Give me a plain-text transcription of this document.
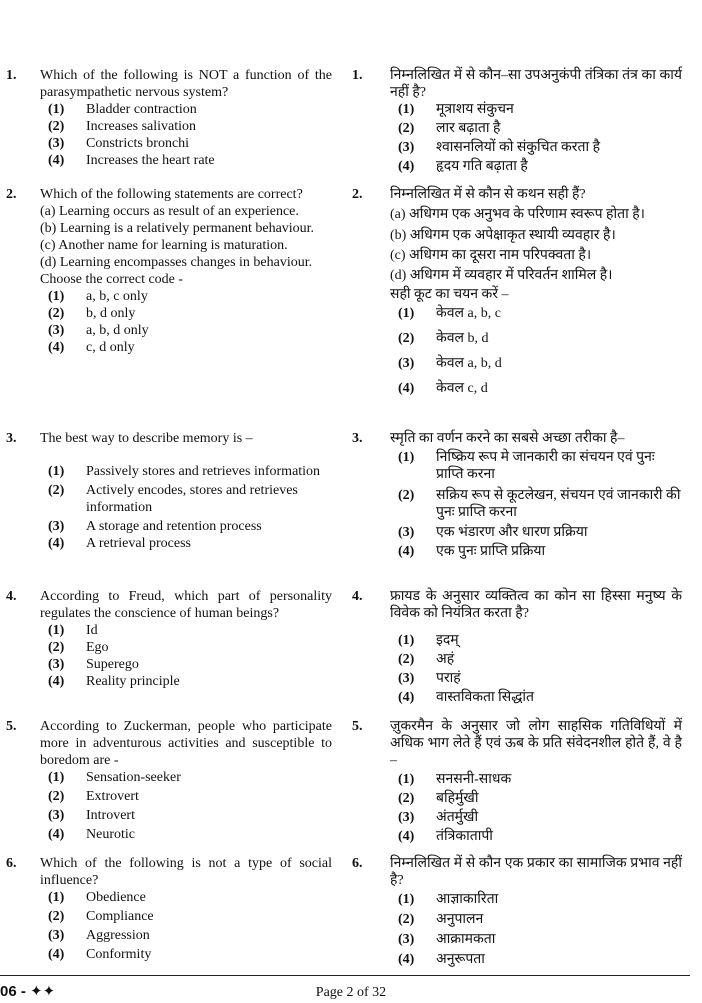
1. Which of the following is NOT a function of the parasympathetic nervous system?
(1) Bladder contraction
(2) Increases salivation
(3) Constricts bronchi
(4) Increases the heart rate
2. Which of the following statements are correct?
(a) Learning occurs as result of an experience.
(b) Learning is a relatively permanent behaviour.
(c) Another name for learning is maturation.
(d) Learning encompasses changes in behaviour.
Choose the correct code -
(1) a, b, c only
(2) b, d only
(3) a, b, d only
(4) c, d only
3. The best way to describe memory is –
(1) Passively stores and retrieves information
(2) Actively encodes, stores and retrieves information
(3) A storage and retention process
(4) A retrieval process
4. According to Freud, which part of personality regulates the conscience of human beings?
(1) Id
(2) Ego
(3) Superego
(4) Reality principle
5. According to Zuckerman, people who participate more in adventurous activities and susceptible to boredom are -
(1) Sensation-seeker
(2) Extrovert
(3) Introvert
(4) Neurotic
6. Which of the following is not a type of social influence?
(1) Obedience
(2) Compliance
(3) Aggression
(4) Conformity
1. निम्नलिखित में से कौन–सा उपअनुकंपी तंत्रिका तंत्र का कार्य नहीं है?
(1) मूत्राशय संकुचन
(2) लार बढ़ाता है
(3) श्वासनलियों को संकुचित करता है
(4) हृदय गति बढ़ाता है
2. निम्नलिखित में से कौन से कथन सही हैं?
(a) अधिगम एक अनुभव के परिणाम स्वरूप होता है।
(b) अधिगम एक अपेक्षाकृत स्थायी व्यवहार है।
(c) अधिगम का दूसरा नाम परिपक्वता है।
(d) अधिगम में व्यवहार में परिवर्तन शामिल है।
सही कूट का चयन करें –
(1) केवल a, b, c
(2) केवल b, d
(3) केवल a, b, d
(4) केवल c, d
3. स्मृति का वर्णन करने का सबसे अच्छा तरीका है–
(1) निष्क्रिय रूप मे जानकारी का संचयन एवं पुनः प्राप्ति करना
(2) सक्रिय रूप से कूटलेखन, संचयन एवं जानकारी की पुनः प्राप्ति करना
(3) एक भंडारण और धारण प्रक्रिया
(4) एक पुनः प्राप्ति प्रक्रिया
4. फ्रायड के अनुसार व्यक्तित्व का कोन सा हिस्सा मनुष्य के विवेक को नियंत्रित करता है?
(1) इदम्
(2) अहं
(3) पराहं
(4) वास्तविकता सिद्धांत
5. ज़ुकरमैन के अनुसार जो लोग साहसिक गतिविधियों में अधिक भाग लेते हैं एवं ऊब के प्रति संवेदनशील होते हैं, वे है –
(1) सनसनी-साधक
(2) बहिर्मुखी
(3) अंतर्मुखी
(4) तंत्रिकातापी
6. निम्नलिखित में से कौन एक प्रकार का सामाजिक प्रभाव नहीं है?
(1) आज्ञाकारिता
(2) अनुपालन
(3) आक्रामकता
(4) अनुरूपता
06 - ✦✦	Page 2 of 32
